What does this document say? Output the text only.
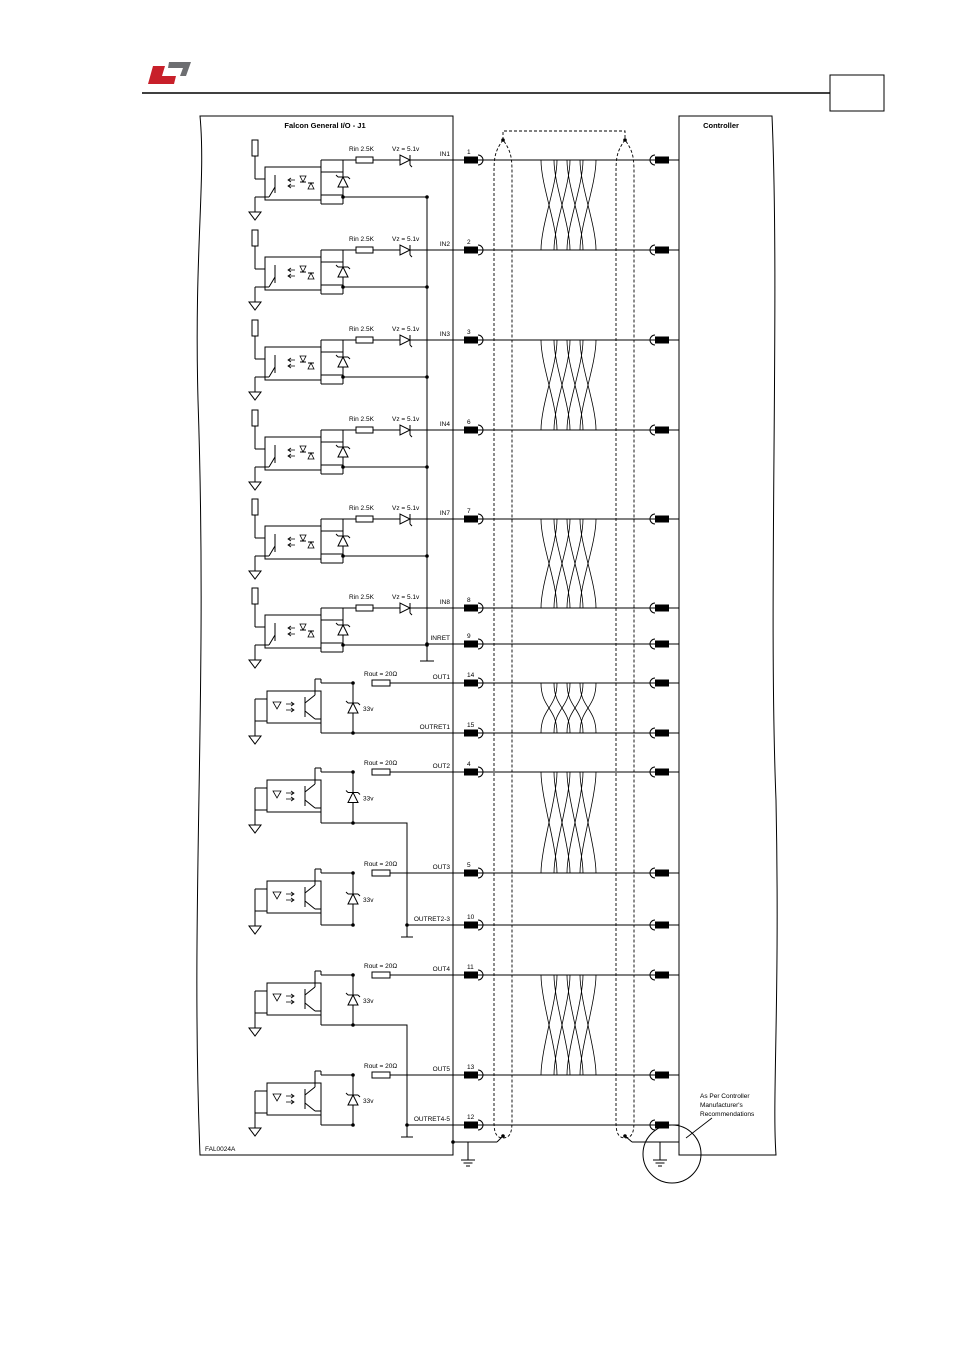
Falcon General I/O - J1
FAL0024A
Controller
As Per Controller Manufacturer's Recommendations
Rin 2.5K	Vz = 5.1v	1
IN1
Rin 2.5K	Vz = 5.1v	2
IN2
Rin 2.5K	Vz = 5.1v	3
IN3
Rin 2.5K	Vz = 5.1v	6
IN4
Rin 2.5K	Vz = 5.1v	7
IN7
Rin 2.5K	Vz = 5.1v	8
IN8
9
INRET
Rout = 20Ω
33v
14
OUT1
Rout = 20Ω
33v
4
OUT2
Rout = 20Ω
33v
5
OUT3
Rout = 20Ω
33v
11
OUT4
Rout = 20Ω
33v
13
OUT5
15
OUTRET1
10
OUTRET2-3
12
OUTRET4-5
